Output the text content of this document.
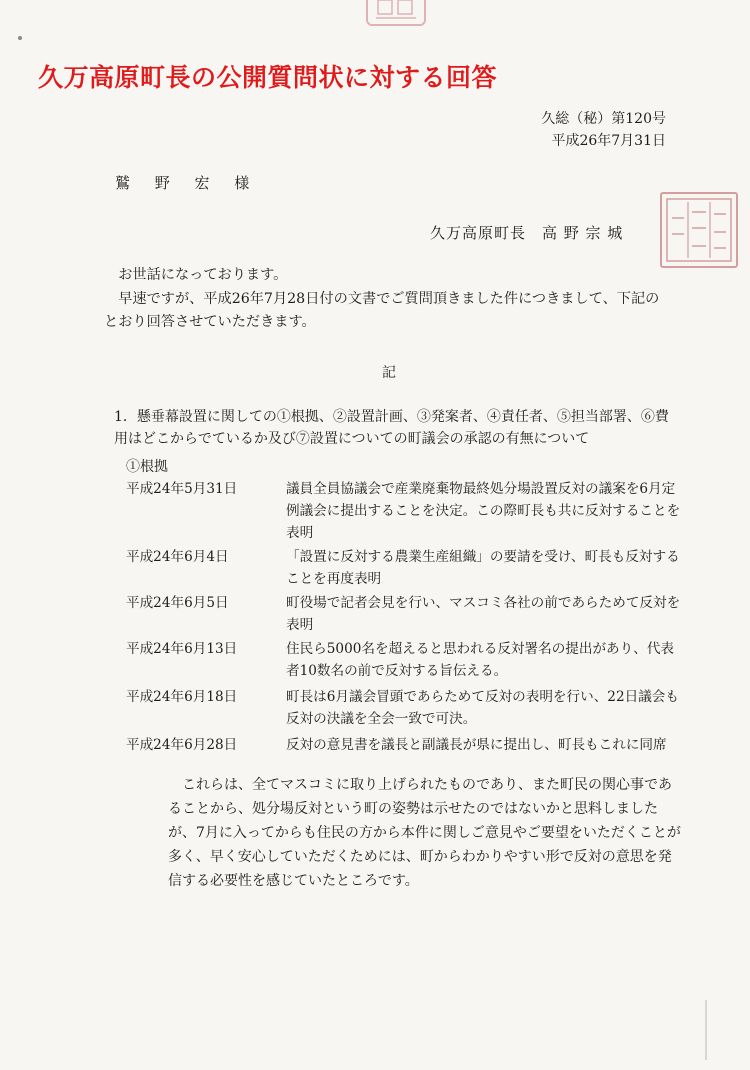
久万高原町長の公開質問状に対する回答
久総（秘）第120号
平成26年7月31日
鷲 野 宏 様
久万高原町長　高 野 宗 城
お世話になっております。
早速ですが、平成26年7月28日付の文書でご質問頂きました件につきまして、下記のとおり回答させていただきます。
記
1．懸垂幕設置に関しての①根拠、②設置計画、③発案者、④責任者、⑤担当部署、⑥費用はどこからでているか及び⑦設置についての町議会の承認の有無について
①根拠
平成24年5月31日	議員全員協議会で産業廃棄物最終処分場設置反対の議案を6月定例議会に提出することを決定。この際町長も共に反対することを表明
平成24年6月4日	「設置に反対する農業生産組織」の要請を受け、町長も反対することを再度表明
平成24年6月5日	町役場で記者会見を行い、マスコミ各社の前であらためて反対を表明
平成24年6月13日	住民ら5000名を超えると思われる反対署名の提出があり、代表者10数名の前で反対する旨伝える。
平成24年6月18日	町長は6月議会冒頭であらためて反対の表明を行い、22日議会も反対の決議を全会一致で可決。
平成24年6月28日	反対の意見書を議長と副議長が県に提出し、町長もこれに同席
これらは、全てマスコミに取り上げられたものであり、また町民の関心事であることから、処分場反対という町の姿勢は示せたのではないかと思料しましたが、7月に入ってからも住民の方から本件に関しご意見やご要望をいただくことが多く、早く安心していただくためには、町からわかりやすい形で反対の意思を発信する必要性を感じていたところです。
